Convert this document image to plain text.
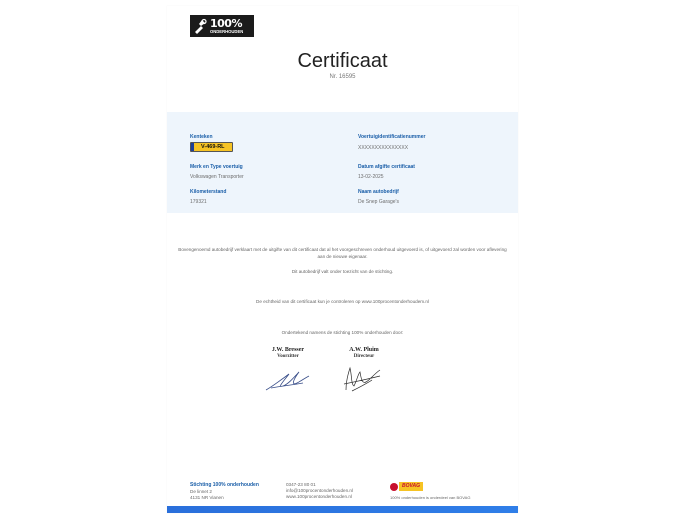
100%
ONDERHOUDEN
Certificaat
Nr. 16595
Kenteken
V-469-RL
Voertuigidentificatienummer
XXXXXXXXXXXXXXX
Merk en Type voertuig
Volkswagen Transporter
Datum afgifte certificaat
13-02-2025
Kilometerstand
179321
Naam autobedrijf
De Snep Garage's
Bovengenoemd autobedrijf verklaart met de uitgifte van dit certificaat dat al het voorgeschreven onderhoud uitgevoerd is, of uitgevoerd zal worden voor aflevering aan de nieuwe eigenaar.
Dit autobedrijf valt onder toezicht van de stichting.
De echtheid van dit certificaat kun je controleren op www.100procentonderhoudem.nl
Ondertekend namens de stichting 100% onderhouden door:
J.W. Bresser
Voorzitter
A.W. Pluim
Directeur
Stichting 100% onderhouden
De linnet 2
4131 NR Vianen
0347-23 80 01
info@100procentonderhouden.nl
www.100procentonderhouden.nl
BOVAG
100% onderhouden is onderdeel van BOVAG
